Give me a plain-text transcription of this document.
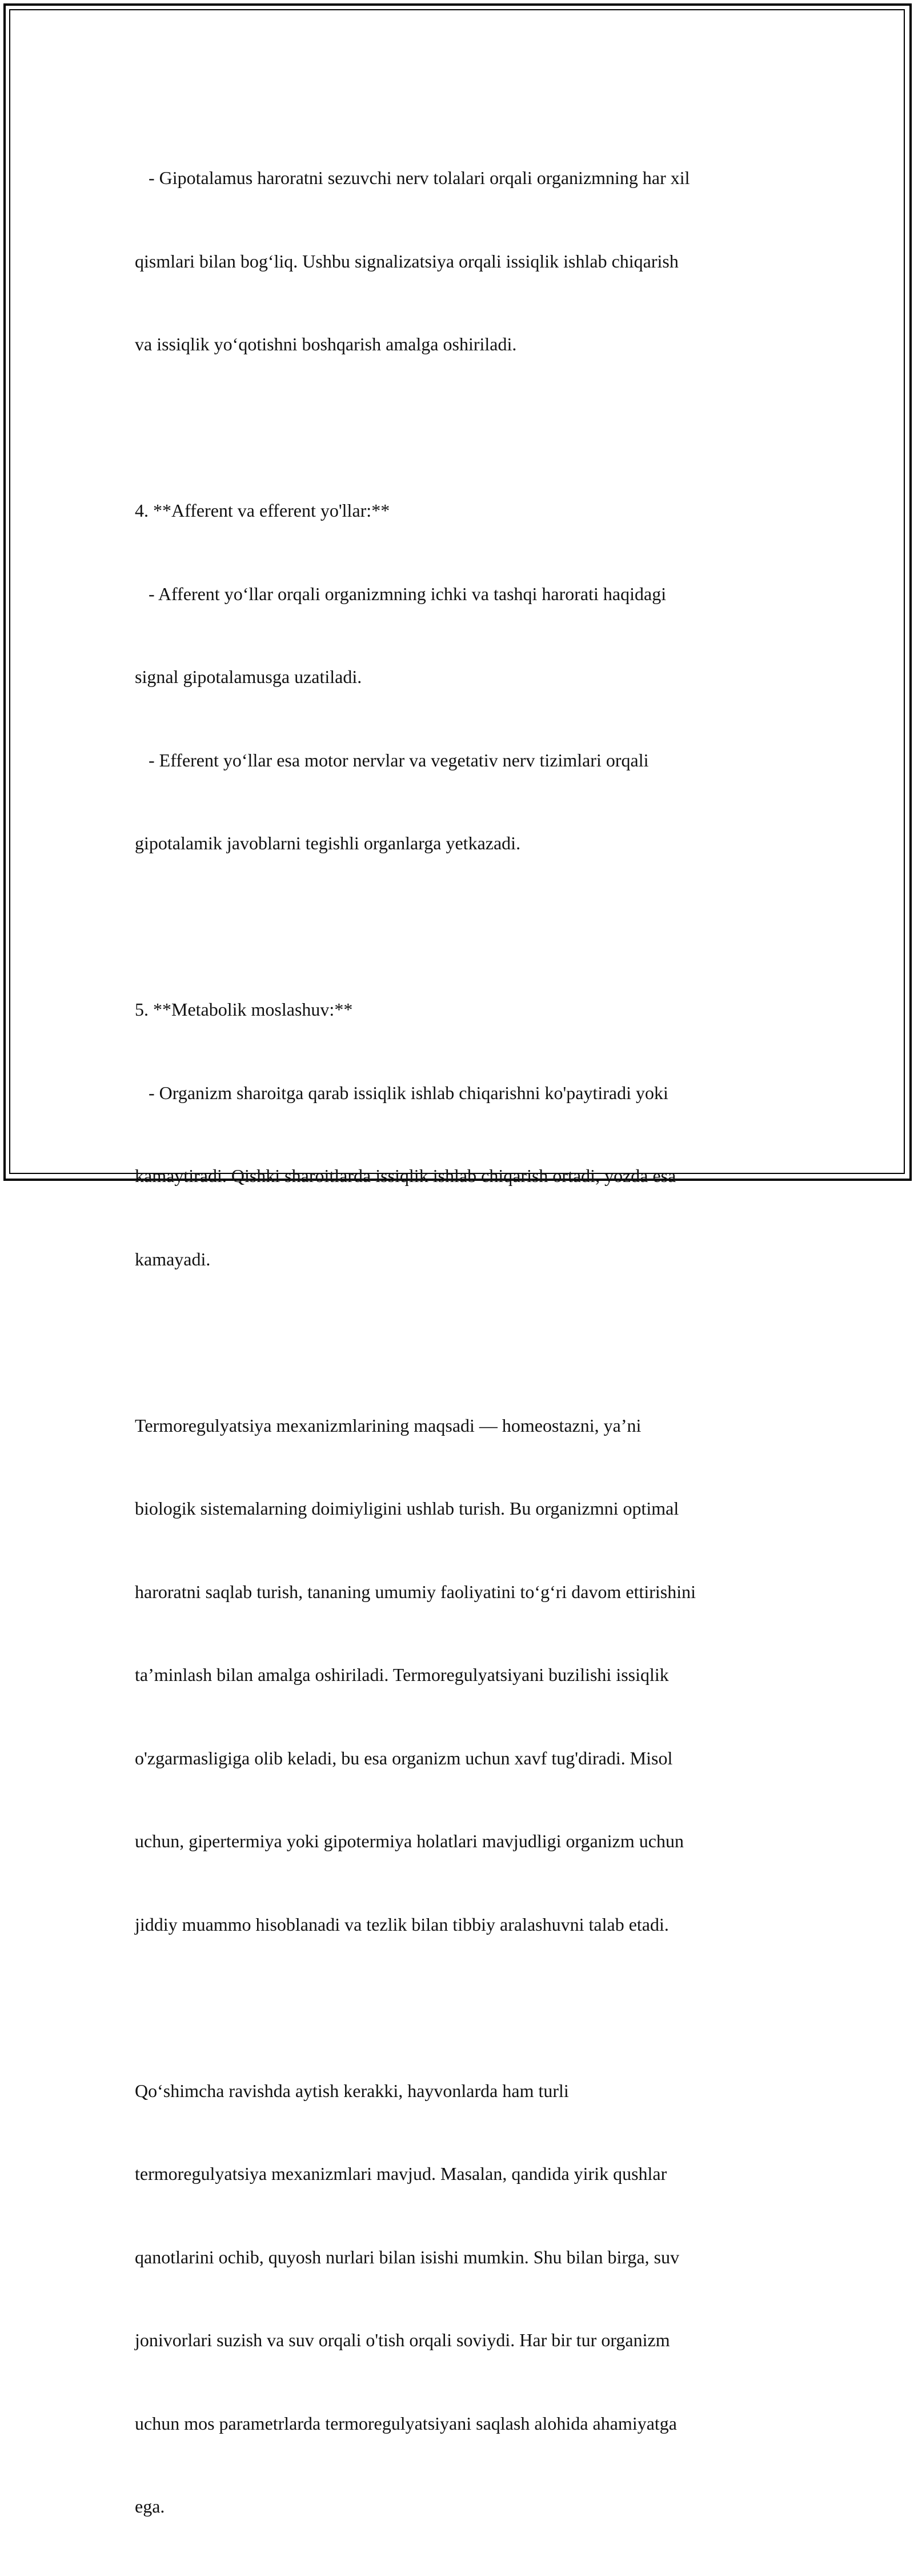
- Gipotalamus haroratni sezuvchi nerv tolalari orqali organizmning har xil

qismlari bilan bog‘liq. Ushbu signalizatsiya orqali issiqlik ishlab chiqarish

va issiqlik yo‘qotishni boshqarish amalga oshiriladi.

4. **Afferent va efferent yo'llar:**

- Afferent yo‘llar orqali organizmning ichki va tashqi harorati haqidagi

signal gipotalamusga uzatiladi.

- Efferent yo‘llar esa motor nervlar va vegetativ nerv tizimlari orqali

gipotalamik javoblarni tegishli organlarga yetkazadi.

5. **Metabolik moslashuv:**

- Organizm sharoitga qarab issiqlik ishlab chiqarishni ko'paytiradi yoki

kamaytiradi. Qishki sharoitlarda issiqlik ishlab chiqarish ortadi, yozda esa

kamayadi.

Termoregulyatsiya mexanizmlarining maqsadi — homeostazni, ya’ni

biologik sistemalarning doimiyligini ushlab turish. Bu organizmni optimal

haroratni saqlab turish, tananing umumiy faoliyatini to‘g‘ri davom ettirishini

ta’minlash bilan amalga oshiriladi. Termoregulyatsiyani buzilishi issiqlik

o'zgarmasligiga olib keladi, bu esa organizm uchun xavf tug'diradi. Misol

uchun, gipertermiya yoki gipotermiya holatlari mavjudligi organizm uchun

jiddiy muammo hisoblanadi va tezlik bilan tibbiy aralashuvni talab etadi.

Qo‘shimcha ravishda aytish kerakki, hayvonlarda ham turli

termoregulyatsiya mexanizmlari mavjud. Masalan, qandida yirik qushlar

qanotlarini ochib, quyosh nurlari bilan isishi mumkin. Shu bilan birga, suv

jonivorlari suzish va suv orqali o'tish orqali soviydi. Har bir tur organizm

uchun mos parametrlarda termoregulyatsiyani saqlash alohida ahamiyatga

ega.
